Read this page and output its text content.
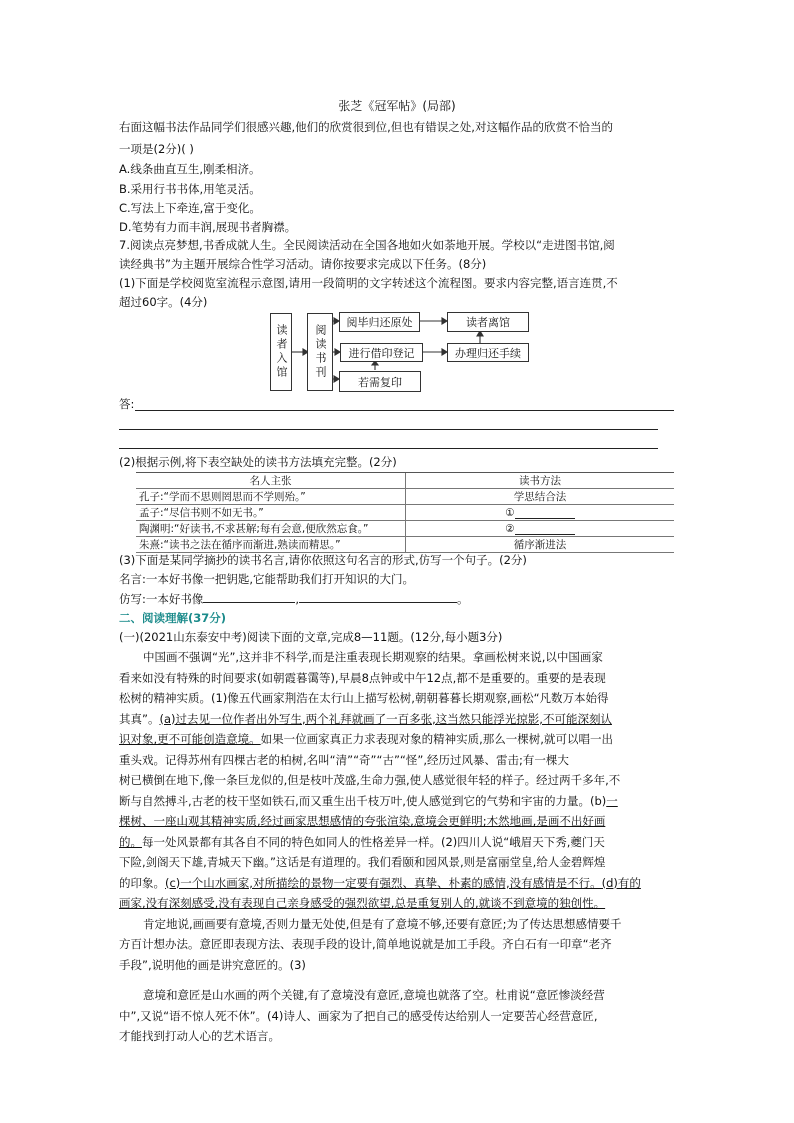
张芝《冠军帖》(局部)
右面这幅书法作品同学们很感兴趣,他们的欣赏很到位,但也有错误之处,对这幅作品的欣赏不恰当的
一项是(2分)( )
A.线条曲直互生,刚柔相济。
B.采用行书书体,用笔灵活。
C.写法上下牵连,富于变化。
D.笔势有力而丰润,展现书者胸襟。
7.阅读点亮梦想,书香成就人生。全民阅读活动在全国各地如火如荼地开展。学校以“走进图书馆,阅
读经典书”为主题开展综合性学习活动。请你按要求完成以下任务。(8分)
(1)下面是学校阅览室流程示意图,请用一段简明的文字转述这个流程图。要求内容完整,语言连贯,不
超过60字。(4分)
读者入馆	阅读书刊
阅毕归还原处	读者离馆
进行借印登记	办理归还手续
若需复印
答:
(2)根据示例,将下表空缺处的读书方法填充完整。(2分)
名人主张	读书方法
孔子:“学而不思则罔思而不学则殆。”	学思结合法
孟子:“尽信书则不如无书。”	①
陶渊明:“好读书,不求甚解;每有会意,便欣然忘食。”	②
朱熹:“读书之法在循序而渐进,熟读而精思。”	循序渐进法
(3)下面是某同学摘抄的读书名言,请你依照这句名言的形式,仿写一个句子。(2分)
名言:一本好书像一把钥匙,它能帮助我们打开知识的大门。
仿写:一本好书像	,	。
二、阅读理解(37分)
(一)(2021山东泰安中考)阅读下面的文章,完成8—11题。(12分,每小题3分)
中国画不强调“光”,这并非不科学,而是注重表现长期观察的结果。拿画松树来说,以中国画家
看来如没有特殊的时间要求(如朝霞暮霭等),早晨8点钟或中午12点,都不是重要的。重要的是表现
松树的精神实质。(1)像五代画家荆浩在太行山上描写松树,朝朝暮暮长期观察,画松“凡数万本始得
其真”。(a)过去见一位作者出外写生,两个礼拜就画了一百多张,这当然只能浮光掠影,不可能深刻认
识对象,更不可能创造意境。如果一位画家真正力求表现对象的精神实质,那么一棵树,就可以唱一出
重头戏。记得苏州有四棵古老的柏树,名叫“清”“奇”“古”“怪”,经历过风暴、雷击;有一棵大
树已横倒在地下,像一条巨龙似的,但是枝叶茂盛,生命力强,使人感觉很年轻的样子。经过两千多年,不
断与自然搏斗,古老的枝干坚如铁石,而又重生出千枝万叶,使人感觉到它的气势和宇宙的力量。(b)一
棵树、一座山观其精神实质,经过画家思想感情的夸张渲染,意境会更鲜明;木然地画,是画不出好画
的。每一处风景都有其各自不同的特色如同人的性格差异一样。(2)四川人说“峨眉天下秀,夔门天
下险,剑阁天下雄,青城天下幽。”这话是有道理的。我们看颐和园风景,则是富丽堂皇,给人金碧辉煌
的印象。(c)一个山水画家,对所描绘的景物一定要有强烈、真挚、朴素的感情,没有感情是不行。(d)有的
画家,没有深刻感受,没有表现自己亲身感受的强烈欲望,总是重复别人的,就谈不到意境的独创性。
肯定地说,画画要有意境,否则力量无处使,但是有了意境不够,还要有意匠;为了传达思想感情要千
方百计想办法。意匠即表现方法、表现手段的设计,简单地说就是加工手段。齐白石有一印章“老齐
手段”,说明他的画是讲究意匠的。(3)
意境和意匠是山水画的两个关键,有了意境没有意匠,意境也就落了空。杜甫说“意匠惨淡经营
中”,又说“语不惊人死不休”。(4)诗人、画家为了把自己的感受传达给别人一定要苦心经营意匠,
才能找到打动人心的艺术语言。
